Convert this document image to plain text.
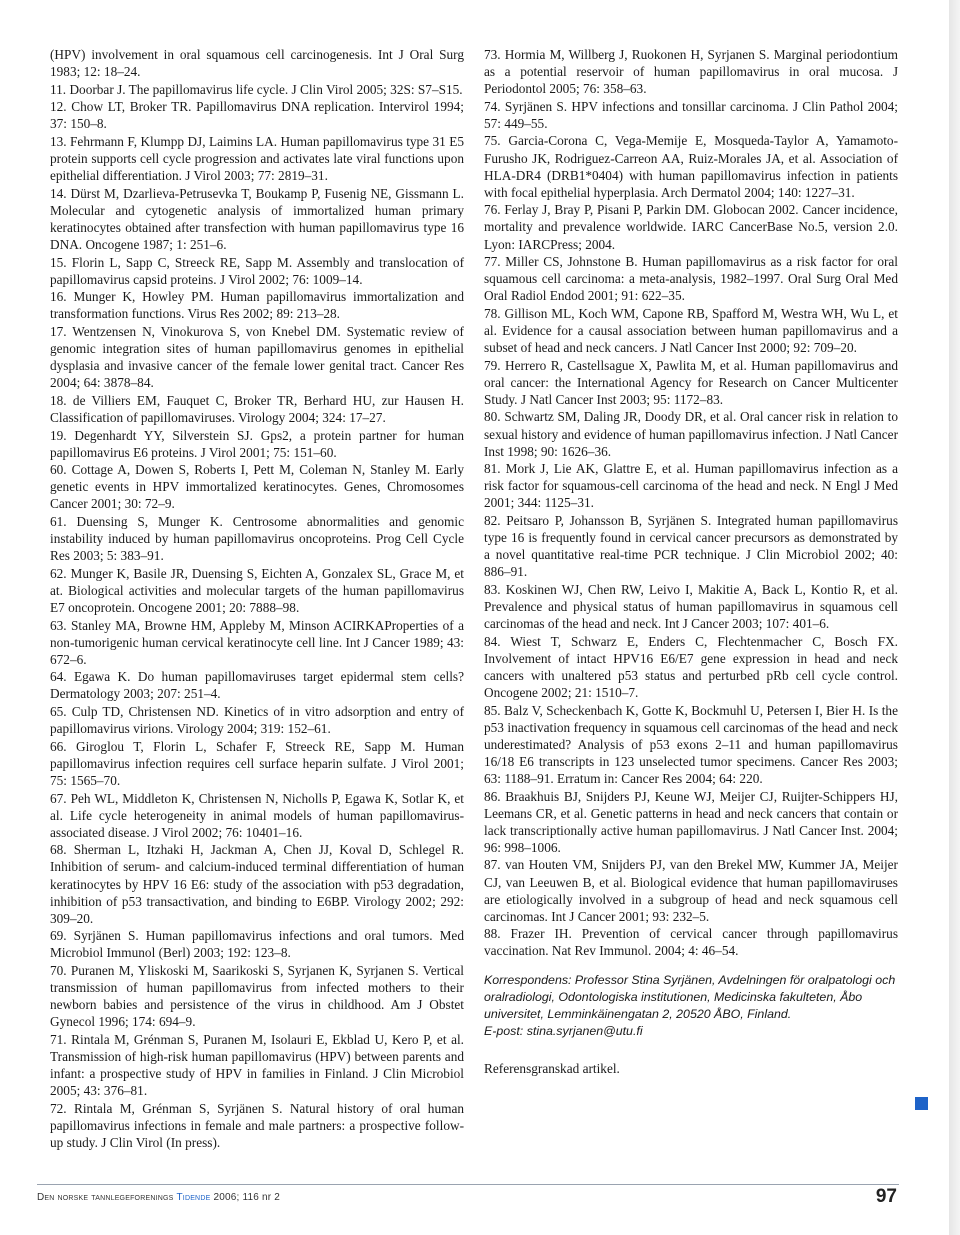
(HPV) involvement in oral squamous cell carcinogenesis. Int J Oral Surg 1983; 12: 18–24.
11. Doorbar J. The papillomavirus life cycle. J Clin Virol 2005; 32S: S7–S15.
12. Chow LT, Broker TR. Papillomavirus DNA replication. Intervirol 1994; 37: 150–8.
13. Fehrmann F, Klumpp DJ, Laimins LA. Human papillomavirus type 31 E5 protein supports cell cycle progression and activates late viral functions upon epithelial differentiation. J Virol 2003; 77: 2819–31.
14. Dürst M, Dzarlieva-Petrusevka T, Boukamp P, Fusenig NE, Gissmann L. Molecular and cytogenetic analysis of immortalized human primary keratinocytes obtained after transfection with human papillomavirus type 16 DNA. Oncogene 1987; 1: 251–6.
15. Florin L, Sapp C, Streeck RE, Sapp M. Assembly and translocation of papillomavirus capsid proteins. J Virol 2002; 76: 1009–14.
16. Munger K, Howley PM. Human papillomavirus immortalization and transformation functions. Virus Res 2002; 89: 213–28.
17. Wentzensen N, Vinokurova S, von Knebel DM. Systematic review of genomic integration sites of human papillomavirus genomes in epithelial dysplasia and invasive cancer of the female lower genital tract. Cancer Res 2004; 64: 3878–84.
18. de Villiers EM, Fauquet C, Broker TR, Berhard HU, zur Hausen H. Classification of papillomaviruses. Virology 2004; 324: 17–27.
19. Degenhardt YY, Silverstein SJ. Gps2, a protein partner for human papillomavirus E6 proteins. J Virol 2001; 75: 151–60.
60. Cottage A, Dowen S, Roberts I, Pett M, Coleman N, Stanley M. Early genetic events in HPV immortalized keratinocytes. Genes, Chromosomes Cancer 2001; 30: 72–9.
61. Duensing S, Munger K. Centrosome abnormalities and genomic instability induced by human papillomavirus oncoproteins. Prog Cell Cycle Res 2003; 5: 383–91.
62. Munger K, Basile JR, Duensing S, Eichten A, Gonzalex SL, Grace M, et at. Biological activities and molecular targets of the human papillomavirus E7 oncoprotein. Oncogene 2001; 20: 7888–98.
63. Stanley MA, Browne HM, Appleby M, Minson ACIRKAProperties of a non-tumorigenic human cervical keratinocyte cell line. Int J Cancer 1989; 43: 672–6.
64. Egawa K. Do human papillomaviruses target epidermal stem cells? Dermatology 2003; 207: 251–4.
65. Culp TD, Christensen ND. Kinetics of in vitro adsorption and entry of papillomavirus virions. Virology 2004; 319: 152–61.
66. Giroglou T, Florin L, Schafer F, Streeck RE, Sapp M. Human papillomavirus infection requires cell surface heparin sulfate. J Virol 2001; 75: 1565–70.
67. Peh WL, Middleton K, Christensen N, Nicholls P, Egawa K, Sotlar K, et al. Life cycle heterogeneity in animal models of human papillomavirus-associated disease. J Virol 2002; 76: 10401–16.
68. Sherman L, Itzhaki H, Jackman A, Chen JJ, Koval D, Schlegel R. Inhibition of serum- and calcium-induced terminal differentiation of human keratinocytes by HPV 16 E6: study of the association with p53 degradation, inhibition of p53 transactivation, and binding to E6BP. Virology 2002; 292: 309–20.
69. Syrjänen S. Human papillomavirus infections and oral tumors. Med Microbiol Immunol (Berl) 2003; 192: 123–8.
70. Puranen M, Yliskoski M, Saarikoski S, Syrjanen K, Syrjanen S. Vertical transmission of human papillomavirus from infected mothers to their newborn babies and persistence of the virus in childhood. Am J Obstet Gynecol 1996; 174: 694–9.
71. Rintala M, Grénman S, Puranen M, Isolauri E, Ekblad U, Kero P, et al. Transmission of high-risk human papillomavirus (HPV) between parents and infant: a prospective study of HPV in families in Finland. J Clin Microbiol 2005; 43: 376–81.
72. Rintala M, Grénman S, Syrjänen S. Natural history of oral human papillomavirus infections in female and male partners: a prospective follow-up study. J Clin Virol (In press).
73. Hormia M, Willberg J, Ruokonen H, Syrjanen S. Marginal periodontium as a potential reservoir of human papillomavirus in oral mucosa. J Periodontol 2005; 76: 358–63.
74. Syrjänen S. HPV infections and tonsillar carcinoma. J Clin Pathol 2004; 57: 449–55.
75. Garcia-Corona C, Vega-Memije E, Mosqueda-Taylor A, Yamamoto-Furusho JK, Rodriguez-Carreon AA, Ruiz-Morales JA, et al. Association of HLA-DR4 (DRB1*0404) with human papillomavirus infection in patients with focal epithelial hyperplasia. Arch Dermatol 2004; 140: 1227–31.
76. Ferlay J, Bray P, Pisani P, Parkin DM. Globocan 2002. Cancer incidence, mortality and prevalence worldwide. IARC CancerBase No.5, version 2.0. Lyon: IARCPress; 2004.
77. Miller CS, Johnstone B. Human papillomavirus as a risk factor for oral squamous cell carcinoma: a meta-analysis, 1982–1997. Oral Surg Oral Med Oral Radiol Endod 2001; 91: 622–35.
78. Gillison ML, Koch WM, Capone RB, Spafford M, Westra WH, Wu L, et al. Evidence for a causal association between human papillomavirus and a subset of head and neck cancers. J Natl Cancer Inst 2000; 92: 709–20.
79. Herrero R, Castellsague X, Pawlita M, et al. Human papillomavirus and oral cancer: the International Agency for Research on Cancer Multicenter Study. J Natl Cancer Inst 2003; 95: 1172–83.
80. Schwartz SM, Daling JR, Doody DR, et al. Oral cancer risk in relation to sexual history and evidence of human papillomavirus infection. J Natl Cancer Inst 1998; 90: 1626–36.
81. Mork J, Lie AK, Glattre E, et al. Human papillomavirus infection as a risk factor for squamous-cell carcinoma of the head and neck. N Engl J Med 2001; 344: 1125–31.
82. Peitsaro P, Johansson B, Syrjänen S. Integrated human papillomavirus type 16 is frequently found in cervical cancer precursors as demonstrated by a novel quantitative real-time PCR technique. J Clin Microbiol 2002; 40: 886–91.
83. Koskinen WJ, Chen RW, Leivo I, Makitie A, Back L, Kontio R, et al. Prevalence and physical status of human papillomavirus in squamous cell carcinomas of the head and neck. Int J Cancer 2003; 107: 401–6.
84. Wiest T, Schwarz E, Enders C, Flechtenmacher C, Bosch FX. Involvement of intact HPV16 E6/E7 gene expression in head and neck cancers with unaltered p53 status and perturbed pRb cell cycle control. Oncogene 2002; 21: 1510–7.
85. Balz V, Scheckenbach K, Gotte K, Bockmuhl U, Petersen I, Bier H. Is the p53 inactivation frequency in squamous cell carcinomas of the head and neck underestimated? Analysis of p53 exons 2–11 and human papillomavirus 16/18 E6 transcripts in 123 unselected tumor specimens. Cancer Res 2003; 63: 1188–91. Erratum in: Cancer Res 2004; 64: 220.
86. Braakhuis BJ, Snijders PJ, Keune WJ, Meijer CJ, Ruijter-Schippers HJ, Leemans CR, et al. Genetic patterns in head and neck cancers that contain or lack transcriptionally active human papillomavirus. J Natl Cancer Inst. 2004; 96: 998–1006.
87. van Houten VM, Snijders PJ, van den Brekel MW, Kummer JA, Meijer CJ, van Leeuwen B, et al. Biological evidence that human papillomaviruses are etiologically involved in a subgroup of head and neck squamous cell carcinomas. Int J Cancer 2001; 93: 232–5.
88. Frazer IH. Prevention of cervical cancer through papillomavirus vaccination. Nat Rev Immunol. 2004; 4: 46–54.
Korrespondens: Professor Stina Syrjänen, Avdelningen för oralpatologi och
oralradiologi, Odontologiska institutionen, Medicinska fakulteten, Åbo
universitet, Lemminkäinengatan 2, 20520 ÅBO, Finland.
E-post: stina.syrjanen@utu.fi
Referensgranskad artikel.
Den norske tannlegeforenings Tidende 2006; 116 nr 2	97
